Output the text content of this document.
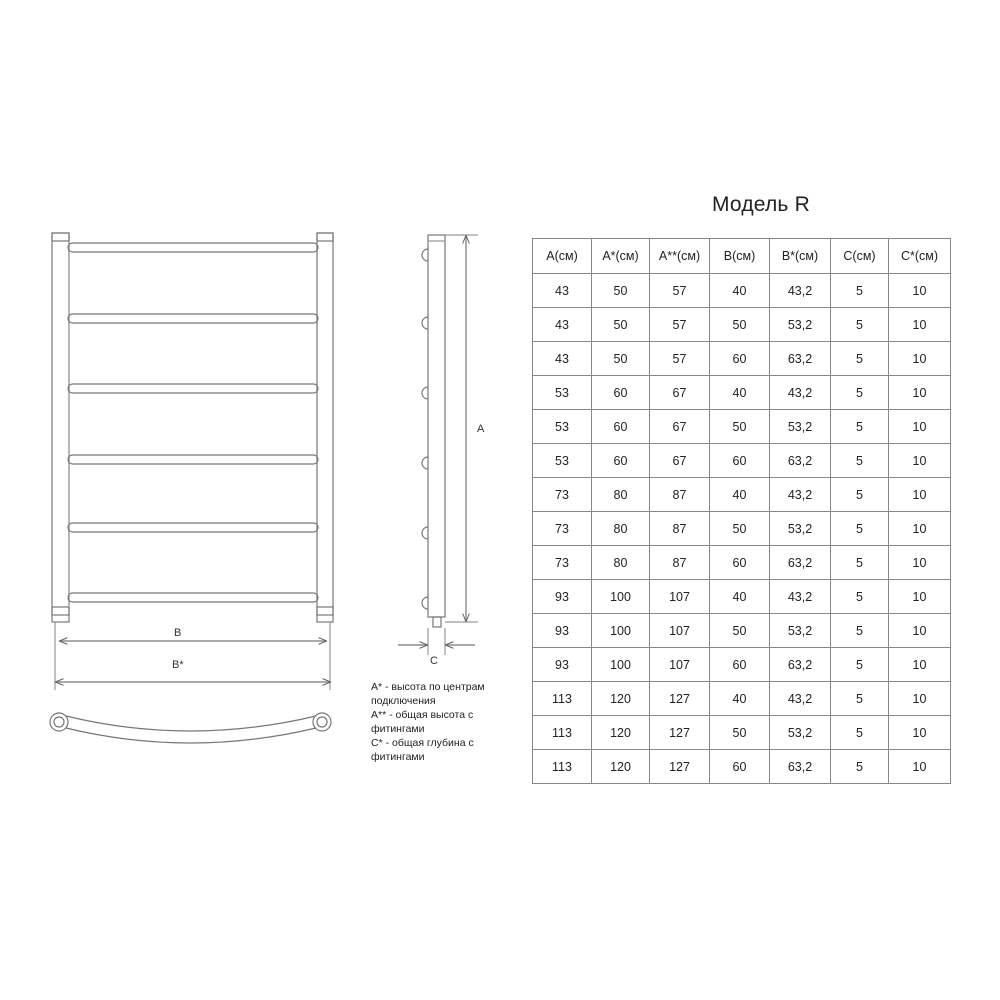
B
B*
A
C
A* - высота по центрам подключения
A** - общая высота с фитингами
C* - общая глубина с фитингами
Модель R
A(см)	A*(см)	A**(см)	B(см)	B*(см)	C(см)	C*(см)
43	50	57	40	43,2	5	10
43	50	57	50	53,2	5	10
43	50	57	60	63,2	5	10
53	60	67	40	43,2	5	10
53	60	67	50	53,2	5	10
53	60	67	60	63,2	5	10
73	80	87	40	43,2	5	10
73	80	87	50	53,2	5	10
73	80	87	60	63,2	5	10
93	100	107	40	43,2	5	10
93	100	107	50	53,2	5	10
93	100	107	60	63,2	5	10
113	120	127	40	43,2	5	10
113	120	127	50	53,2	5	10
113	120	127	60	63,2	5	10
